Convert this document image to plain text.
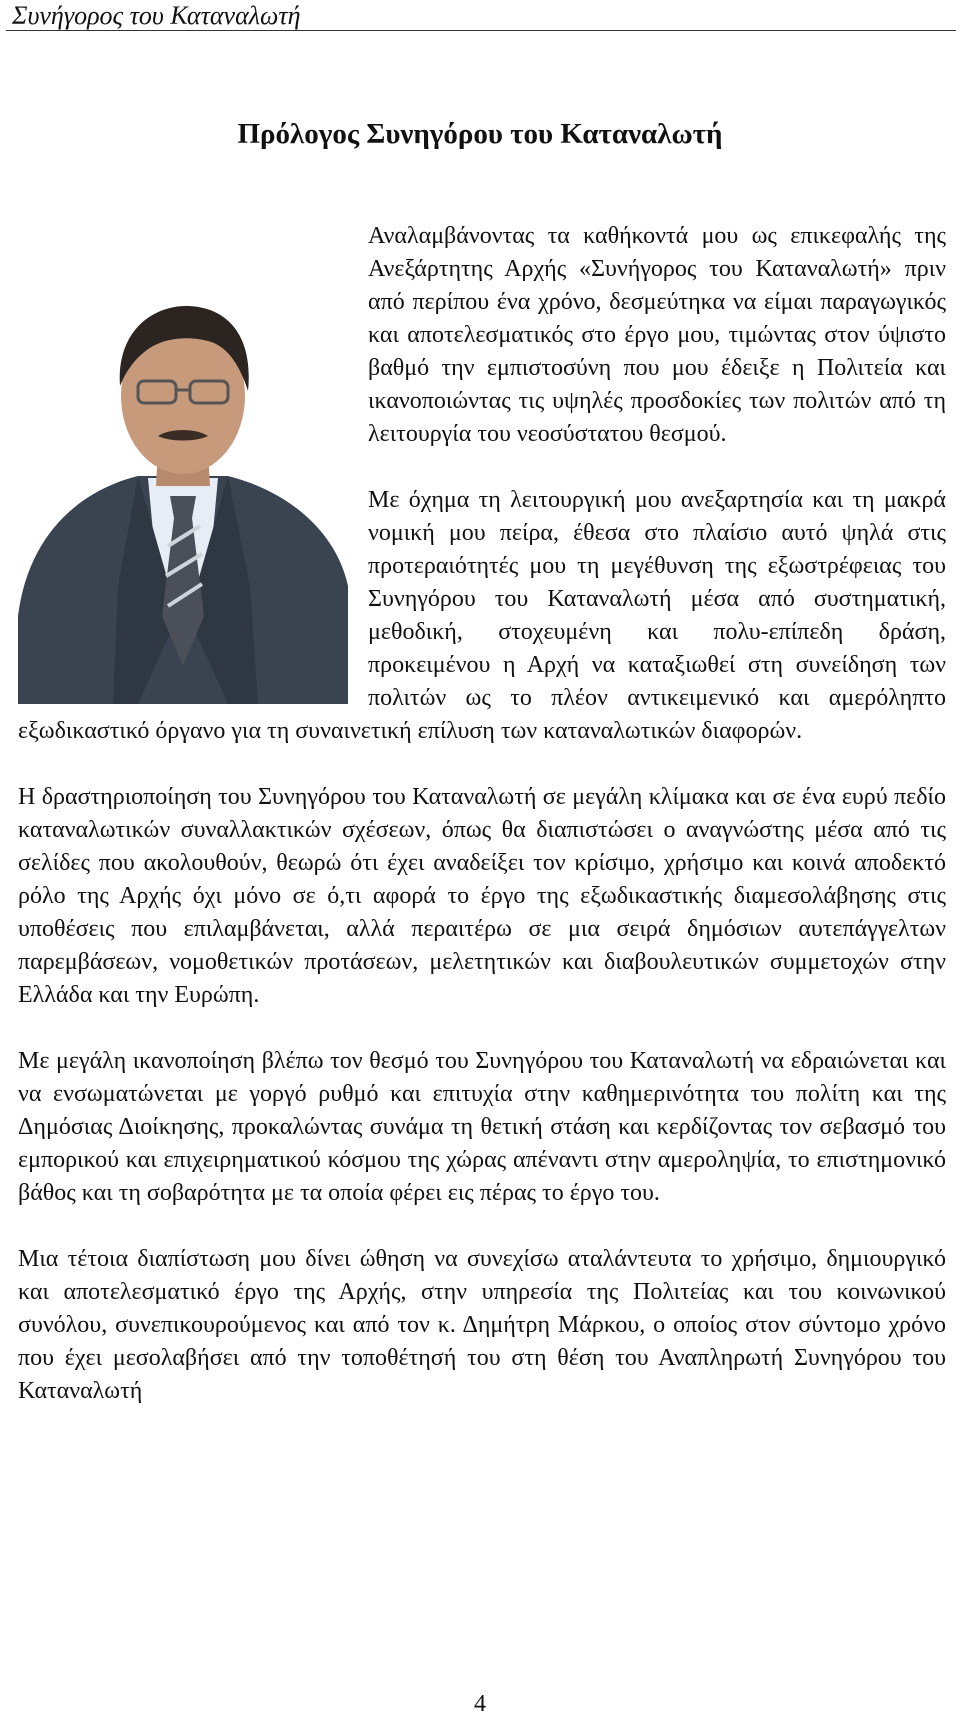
Συνήγορος του Καταναλωτή
Πρόλογος Συνηγόρου του Καταναλωτή

Αναλαμβάνοντας τα καθήκοντά μου ως επικεφαλής της Ανεξάρτητης Αρχής «Συνήγορος του Καταναλωτή» πριν από περίπου ένα χρόνο, δεσμεύτηκα να είμαι παραγωγικός και αποτελεσματικός στο έργο μου, τιμώντας στον ύψιστο βαθμό την εμπιστοσύνη που μου έδειξε η Πολιτεία και ικανοποιώντας τις υψηλές προσδοκίες των πολιτών από τη λειτουργία του νεοσύστατου θεσμού.

Με όχημα τη λειτουργική μου ανεξαρτησία και τη μακρά νομική μου πείρα, έθεσα στο πλαίσιο αυτό ψηλά στις προτεραιότητές μου τη μεγέθυνση της εξωστρέφειας του Συνηγόρου του Καταναλωτή μέσα από συστηματική, μεθοδική, στοχευμένη και πολυ-επίπεδη δράση, προκειμένου η Αρχή να καταξιωθεί στη συνείδηση των πολιτών ως το πλέον αντικειμενικό και αμερόληπτο εξωδικαστικό όργανο για τη συναινετική επίλυση των καταναλωτικών διαφορών.

Η δραστηριοποίηση του Συνηγόρου του Καταναλωτή σε μεγάλη κλίμακα και σε ένα ευρύ πεδίο καταναλωτικών συναλλακτικών σχέσεων, όπως θα διαπιστώσει ο αναγνώστης μέσα από τις σελίδες που ακολουθούν, θεωρώ ότι έχει αναδείξει τον κρίσιμο, χρήσιμο και κοινά αποδεκτό ρόλο της Αρχής όχι μόνο σε ό,τι αφορά το έργο της εξωδικαστικής διαμεσολάβησης στις υποθέσεις που επιλαμβάνεται, αλλά περαιτέρω σε μια σειρά δημόσιων αυτεπάγγελτων παρεμβάσεων, νομοθετικών προτάσεων, μελετητικών και διαβουλευτικών συμμετοχών στην Ελλάδα και την Ευρώπη.

Με μεγάλη ικανοποίηση βλέπω τον θεσμό του Συνηγόρου του Καταναλωτή να εδραιώνεται και να ενσωματώνεται με γοργό ρυθμό και επιτυχία στην καθημερινότητα του πολίτη και της Δημόσιας Διοίκησης, προκαλώντας συνάμα τη θετική στάση και κερδίζοντας τον σεβασμό του εμπορικού και επιχειρηματικού κόσμου της χώρας απέναντι στην αμεροληψία, το επιστημονικό βάθος και τη σοβαρότητα με τα οποία φέρει εις πέρας το έργο του.

Μια τέτοια διαπίστωση μου δίνει ώθηση να συνεχίσω αταλάντευτα το χρήσιμο, δημιουργικό και αποτελεσματικό έργο της Αρχής, στην υπηρεσία της Πολιτείας και του κοινωνικού συνόλου, συνεπικουρούμενος και από τον κ. Δημήτρη Μάρκου, ο οποίος στον σύντομο χρόνο που έχει μεσολαβήσει από την τοποθέτησή του στη θέση του Αναπληρωτή Συνηγόρου του Καταναλωτή

4
